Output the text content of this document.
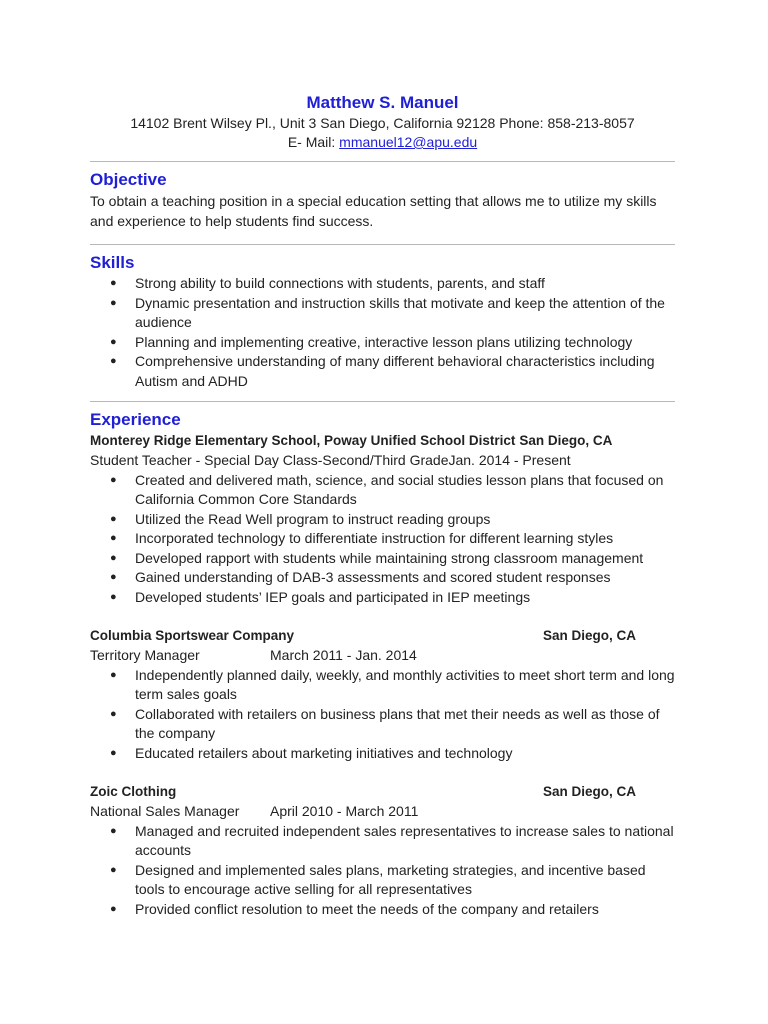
Matthew S. Manuel

14102 Brent Wilsey Pl., Unit 3 San Diego, California 92128 Phone: 858-213-8057

E- Mail: mmanuel12@apu.edu

Objective

To obtain a teaching position in a special education setting that allows me to utilize my skills and experience to help students find success.

Skills
● Strong ability to build connections with students, parents, and staff
● Dynamic presentation and instruction skills that motivate and keep the attention of the audience
● Planning and implementing creative, interactive lesson plans utilizing technology
● Comprehensive understanding of many different behavioral characteristics including Autism and ADHD
Experience

Monterey Ridge Elementary School, Poway Unified School District San Diego, CA

Student Teacher - Special Day Class-Second/Third GradeJan. 2014 - Present
● Created and delivered math, science, and social studies lesson plans that focused on California Common Core Standards
● Utilized the Read Well program to instruct reading groups
● Incorporated technology to differentiate instruction for different learning styles
● Developed rapport with students while maintaining strong classroom management
● Gained understanding of DAB-3 assessments and scored student responses
● Developed students’ IEP goals and participated in IEP meetings

Columbia Sportswear Company	San Diego, CA

Territory Manager	March 2011 - Jan. 2014
● Independently planned daily, weekly, and monthly activities to meet short term and long term sales goals
● Collaborated with retailers on business plans that met their needs as well as those of the company
● Educated retailers about marketing initiatives and technology

Zoic Clothing	San Diego, CA

National Sales Manager April 2010 - March 2011
● Managed and recruited independent sales representatives to increase sales to national accounts
● Designed and implemented sales plans, marketing strategies, and incentive based tools to encourage active selling for all representatives
● Provided conflict resolution to meet the needs of the company and retailers
